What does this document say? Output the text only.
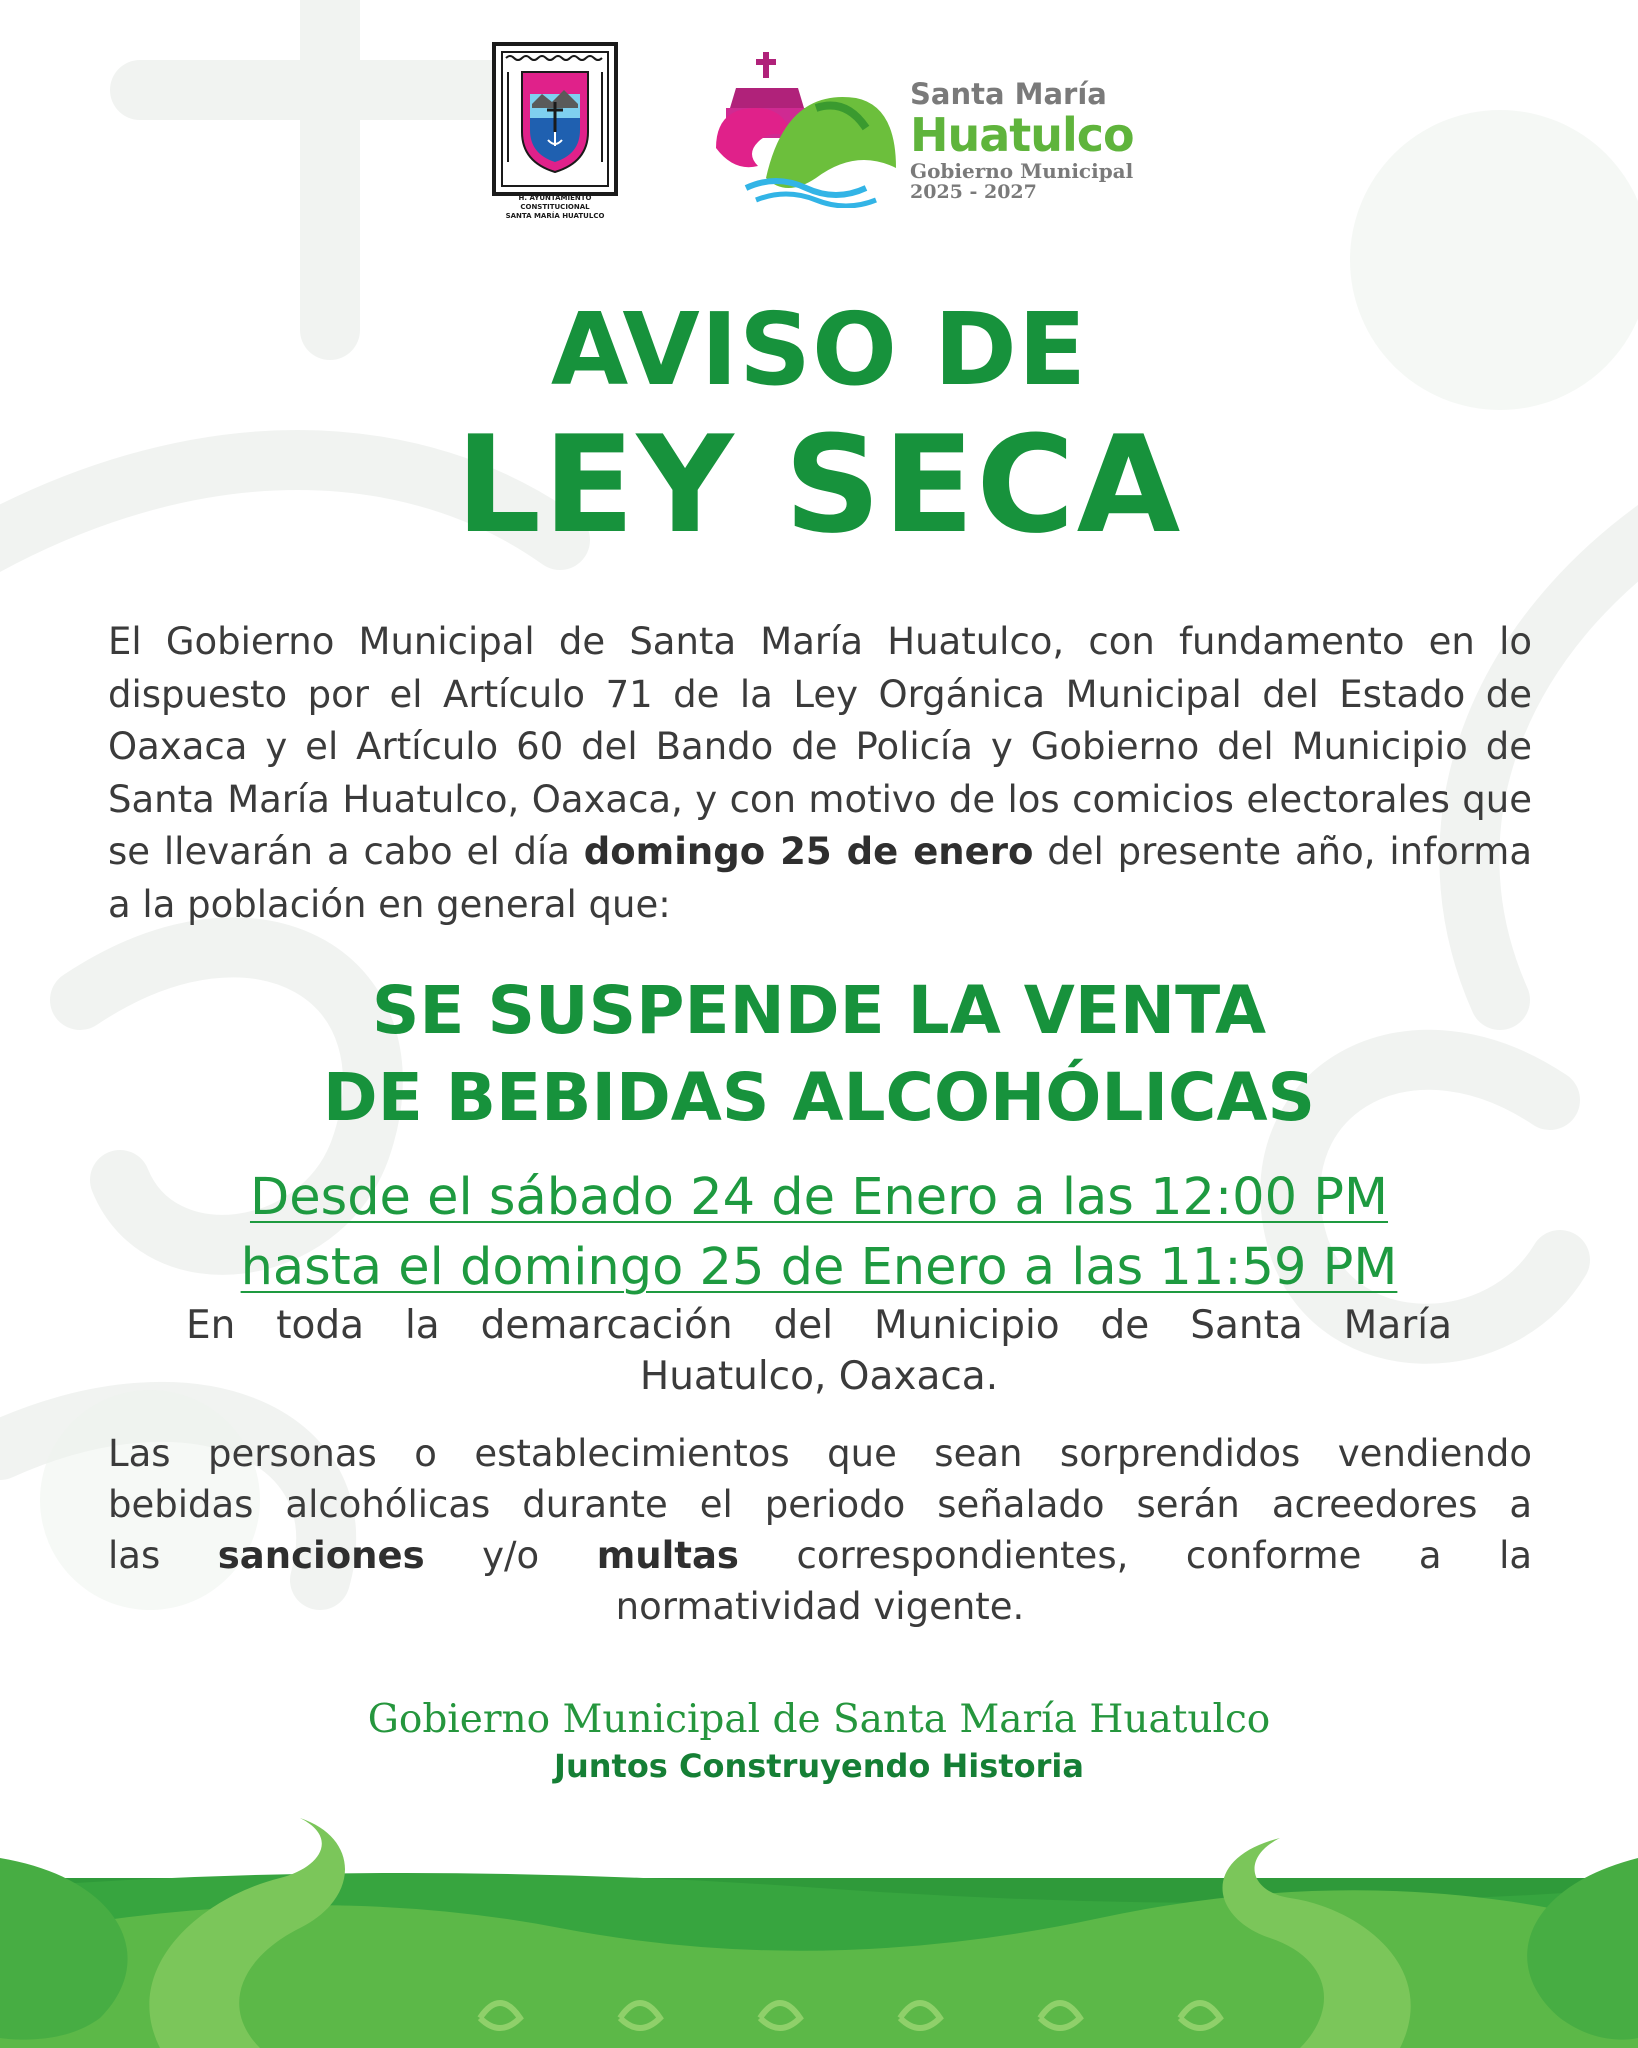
H. AYUNTAMIENTO CONSTITUCIONAL
SANTA MARÍA HUATULCO
Santa María
Huatulco
Gobierno Municipal
2025 - 2027
AVISO DE
LEY SECA
El Gobierno Municipal de Santa María Huatulco, con fundamento en lo dispuesto por el Artículo 71 de la Ley Orgánica Municipal del Estado de Oaxaca y el Artículo 60 del Bando de Policía y Gobierno del Municipio de Santa María Huatulco, Oaxaca, y con motivo de los comicios electorales que se llevarán a cabo el día domingo 25 de enero del presente año, informa a la población en general que:
SE SUSPENDE LA VENTA
DE BEBIDAS ALCOHÓLICAS
Desde el sábado 24 de Enero a las 12:00 PM
hasta el domingo 25 de Enero a las 11:59 PM
En toda la demarcación del Municipio de Santa María
Huatulco, Oaxaca.
Las personas o establecimientos que sean sorprendidos vendiendo
bebidas alcohólicas durante el periodo señalado serán acreedores a
las sanciones y/o multas correspondientes, conforme a la
normatividad vigente.
Gobierno Municipal de Santa María Huatulco
Juntos Construyendo Historia
